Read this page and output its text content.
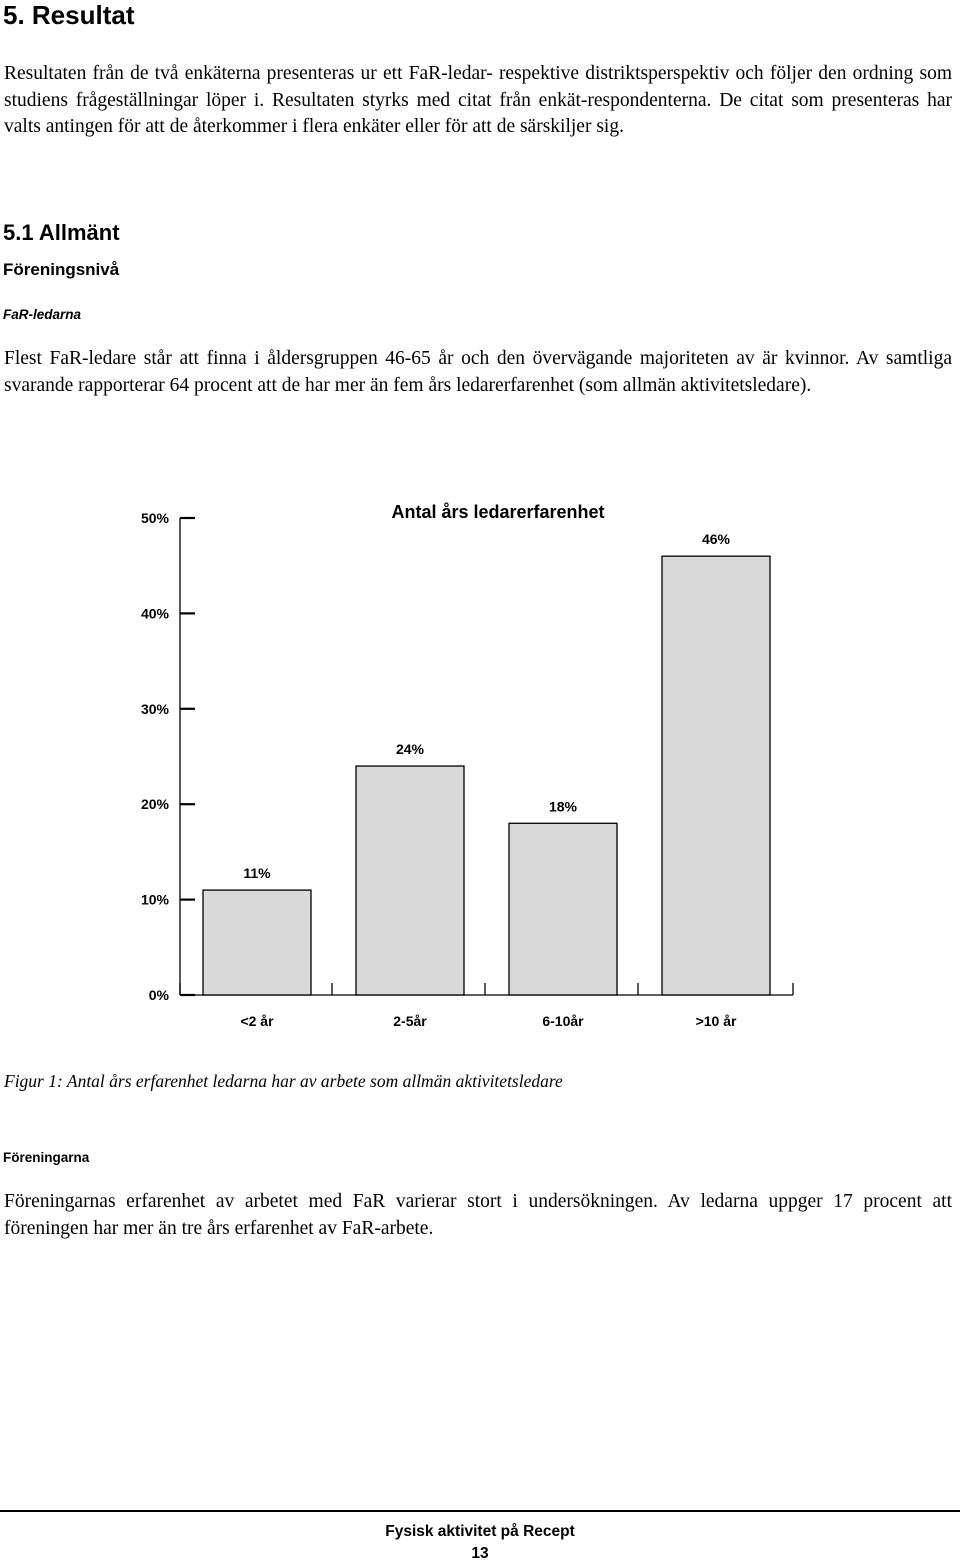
5. Resultat

Resultaten från de två enkäterna presenteras ur ett FaR-ledar- respektive distriktsperspektiv och följer den ordning som studiens frågeställningar löper i. Resultaten styrks med citat från enkät-respondenterna. De citat som presenteras har valts antingen för att de återkommer i flera enkäter eller för att de särskiljer sig.

5.1 Allmänt
Föreningsnivå
FaR-ledarna

Flest FaR-ledare står att finna i åldersgruppen 46-65 år och den övervägande majoriteten av är kvinnor. Av samtliga svarande rapporterar 64 procent att de har mer än fem års ledarerfarenhet (som allmän aktivitetsledare).

Antal års ledarerfarenhet
0%
10%
20%
30%
40%
50%
11%
<2 år
24%
2-5år
18%
6-10år
46%
>10 år

Figur 1: Antal års erfarenhet ledarna har av arbete som allmän aktivitetsledare

Föreningarna

Föreningarnas erfarenhet av arbetet med FaR varierar stort i undersökningen. Av ledarna uppger 17 procent att föreningen har mer än tre års erfarenhet av FaR-arbete.

Fysisk aktivitet på Recept
13
